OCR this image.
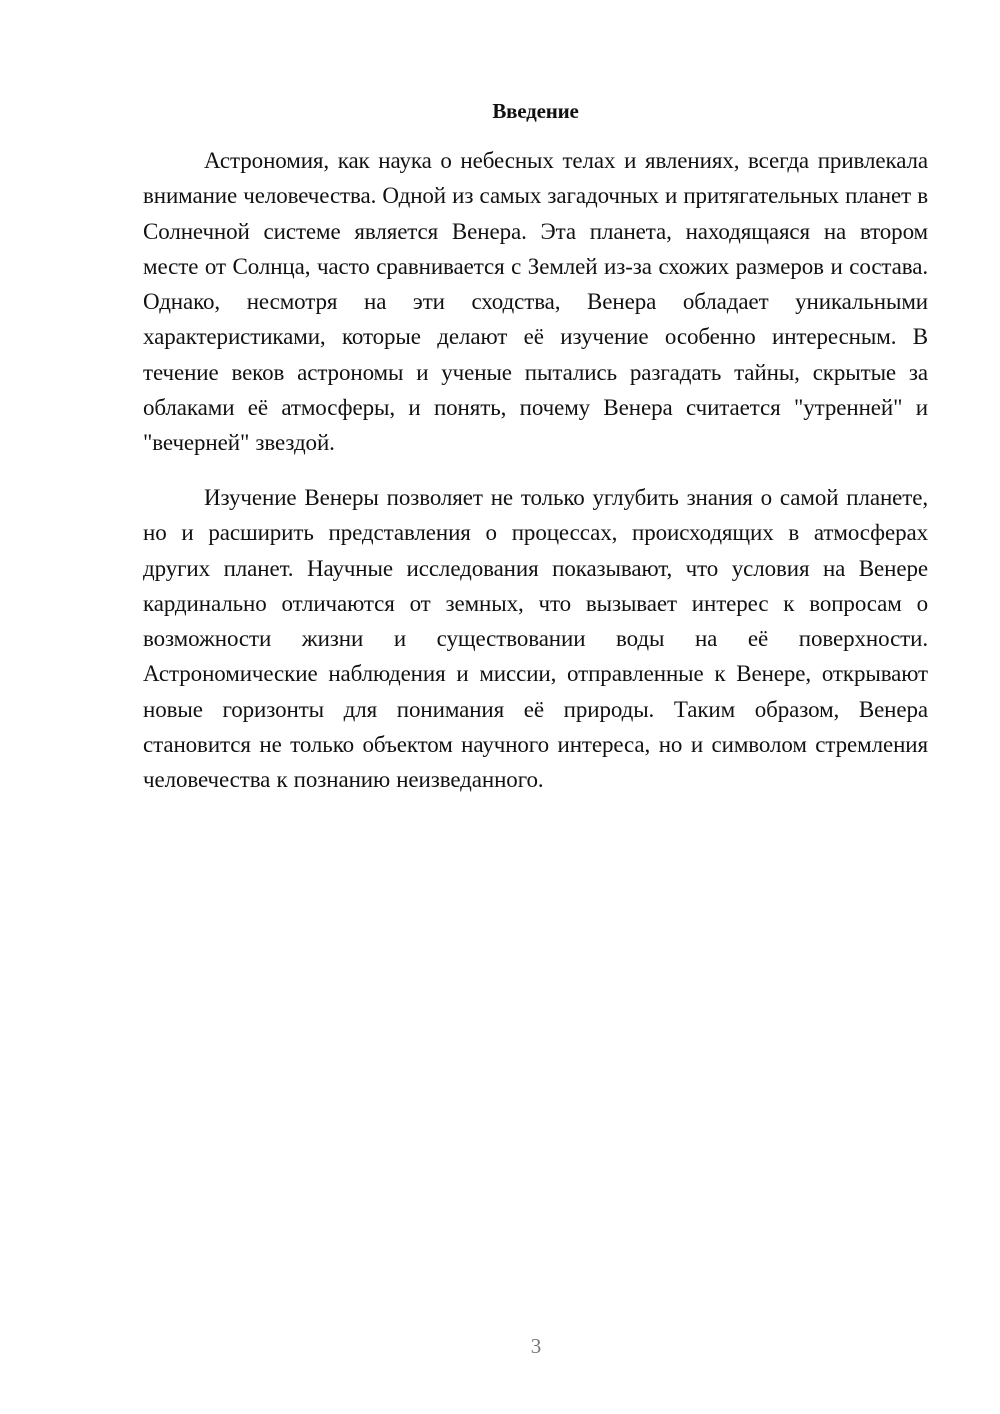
Введение

Астрономия, как наука о небесных телах и явлениях, всегда привлекала внимание человечества. Одной из самых загадочных и притягательных планет в Солнечной системе является Венера. Эта планета, находящаяся на втором месте от Солнца, часто сравнивается с Землей из-за схожих размеров и состава. Однако, несмотря на эти сходства, Венера обладает уникальными характеристиками, которые делают её изучение особенно интересным. В течение веков астрономы и ученые пытались разгадать тайны, скрытые за облаками её атмосферы, и понять, почему Венера считается "утренней" и "вечерней" звездой.

Изучение Венеры позволяет не только углубить знания о самой планете, но и расширить представления о процессах, происходящих в атмосферах других планет. Научные исследования показывают, что условия на Венере кардинально отличаются от земных, что вызывает интерес к вопросам о возможности жизни и существовании воды на её поверхности. Астрономические наблюдения и миссии, отправленные к Венере, открывают новые горизонты для понимания её природы. Таким образом, Венера становится не только объектом научного интереса, но и символом стремления человечества к познанию неизведанного.

3
